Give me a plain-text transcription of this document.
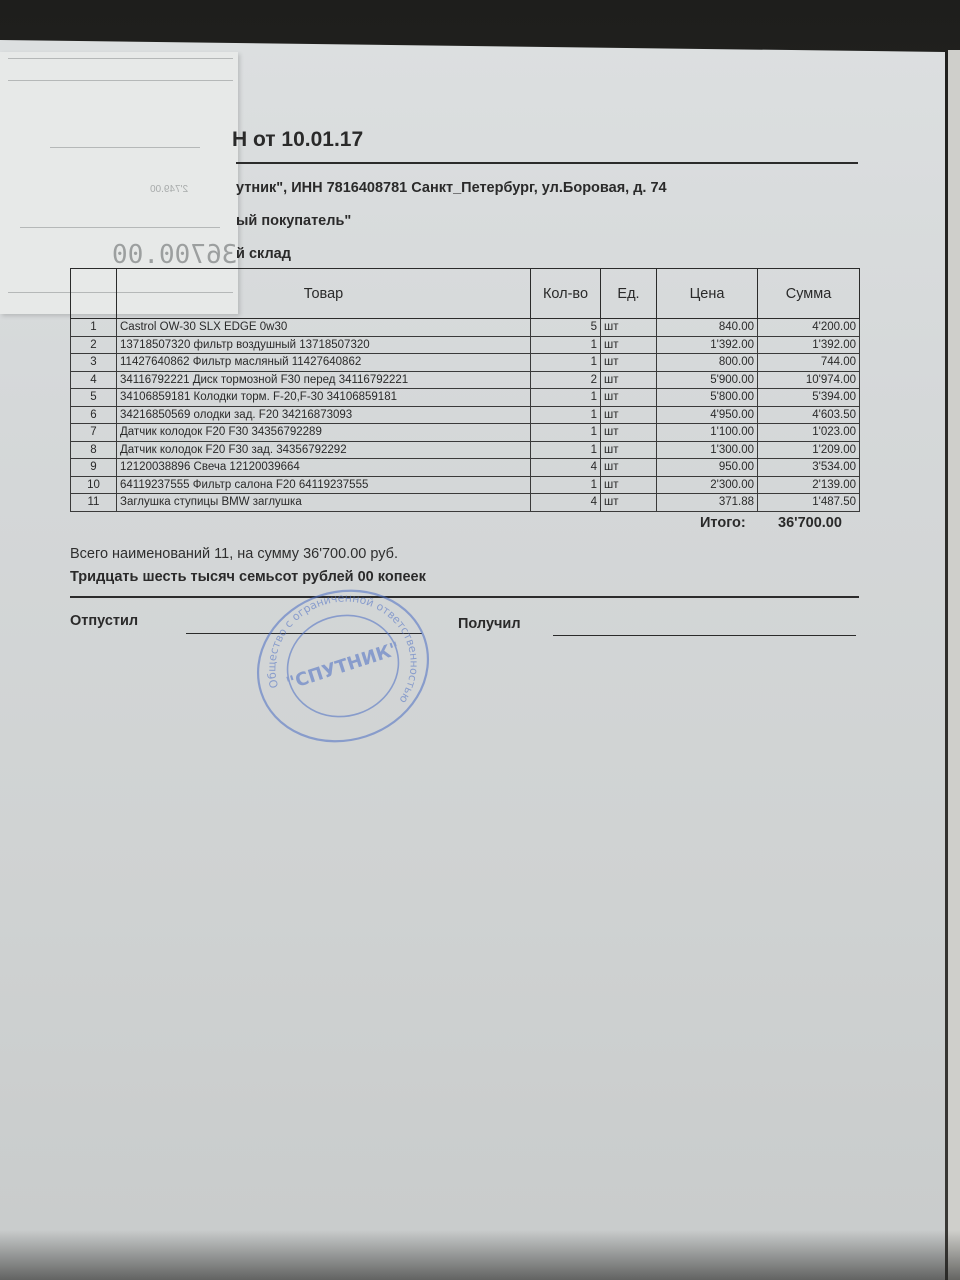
36700.00
2'749.00
Н от 10.01.17
утник", ИНН 7816408781 Санкт_Петербург, ул.Боровая, д. 74
ый покупатель"
й склад
	Товар	Кол-во	Ед.	Цена	Сумма
1	Castrol OW-30 SLX EDGE 0w30	5	шт	840.00	4'200.00
2	13718507320 фильтр воздушный 13718507320	1	шт	1'392.00	1'392.00
3	11427640862 Фильтр масляный 11427640862	1	шт	800.00	744.00
4	34116792221 Диск тормозной F30 перед 34116792221	2	шт	5'900.00	10'974.00
5	34106859181 Колодки торм. F-20,F-30 34106859181	1	шт	5'800.00	5'394.00
6	34216850569 олодки зад. F20 34216873093	1	шт	4'950.00	4'603.50
7	Датчик колодок F20 F30 34356792289	1	шт	1'100.00	1'023.00
8	Датчик колодок F20 F30 зад. 34356792292	1	шт	1'300.00	1'209.00
9	12120038896 Свеча 12120039664	4	шт	950.00	3'534.00
10	64119237555 Фильтр салона F20 64119237555	1	шт	2'300.00	2'139.00
11	Заглушка ступицы BMW заглушка	4	шт	371.88	1'487.50
Итого: 36'700.00
Всего наименований 11, на сумму 36'700.00 руб.
Тридцать шесть тысяч семьсот рублей 00 копеек
Отпустил	Получил
Общество с ограниченной ответственностью
"СПУТНИК"
